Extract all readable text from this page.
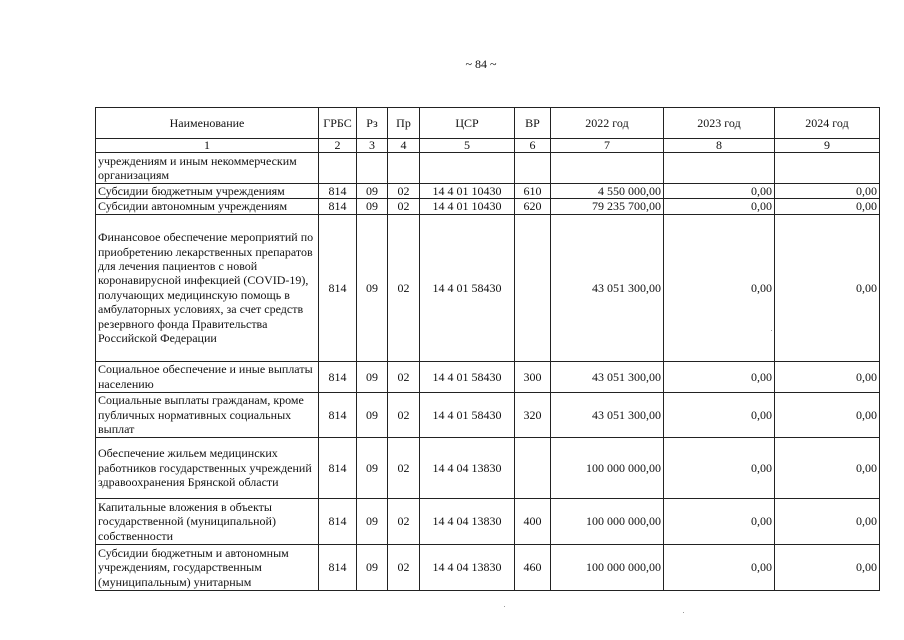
~ 84 ~
Наименование	ГРБС	Рз	Пр	ЦСР	ВР	2022 год	2023 год	2024 год
1	2	3	4	5	6	7	8	9
учреждениям и иным некоммерческим организациям								
Субсидии бюджетным учреждениям	814	09	02	14 4 01 10430	610	4 550 000,00	0,00	0,00
Субсидии автономным учреждениям	814	09	02	14 4 01 10430	620	79 235 700,00	0,00	0,00
Финансовое обеспечение мероприятий по приобретению лекарственных препаратов для лечения пациентов с новой коронавирусной инфекцией (COVID-19), получающих медицинскую помощь в амбулаторных условиях, за счет средств резервного фонда Правительства Российской Федерации	814	09	02	14 4 01 58430		43 051 300,00	0,00	0,00
Социальное обеспечение и иные выплаты населению	814	09	02	14 4 01 58430	300	43 051 300,00	0,00	0,00
Социальные выплаты гражданам, кроме публичных нормативных социальных выплат	814	09	02	14 4 01 58430	320	43 051 300,00	0,00	0,00
Обеспечение жильем медицинских работников государственных учреждений здравоохранения Брянской области	814	09	02	14 4 04 13830		100 000 000,00	0,00	0,00
Капитальные вложения в объекты государственной (муниципальной) собственности	814	09	02	14 4 04 13830	400	100 000 000,00	0,00	0,00
Субсидии бюджетным и автономным учреждениям, государственным (муниципальным) унитарным	814	09	02	14 4 04 13830	460	100 000 000,00	0,00	0,00
